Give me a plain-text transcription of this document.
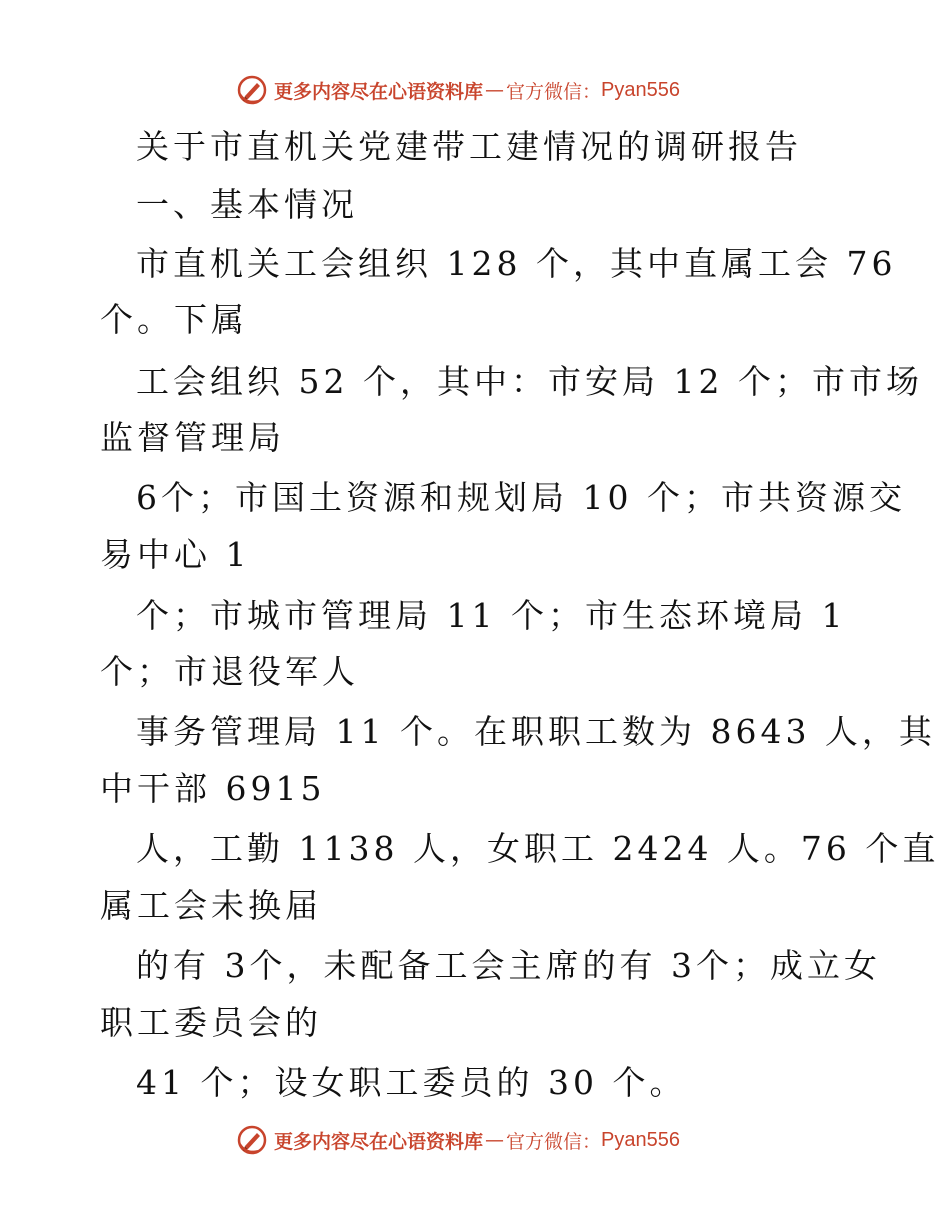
更多内容尽在心语资料库 — 官方微信： Pyan556
关于市直机关党建带工建情况的调研报告
一、基本情况
市直机关工会组织 128 个，其中直属工会 76
个。下属
工会组织 52 个，其中：市安局 12 个；市市场
监督管理局
6个；市国土资源和规划局 10 个；市共资源交
易中心 1
个；市城市管理局 11 个；市生态环境局 1
个；市退役军人
事务管理局 11 个。在职职工数为 8643 人，其
中干部 6915
人，工勤 1138 人，女职工 2424 人。76 个直
属工会未换届
的有 3个，未配备工会主席的有 3个；成立女
职工委员会的
41 个；设女职工委员的 30 个。
更多内容尽在心语资料库 — 官方微信： Pyan556
